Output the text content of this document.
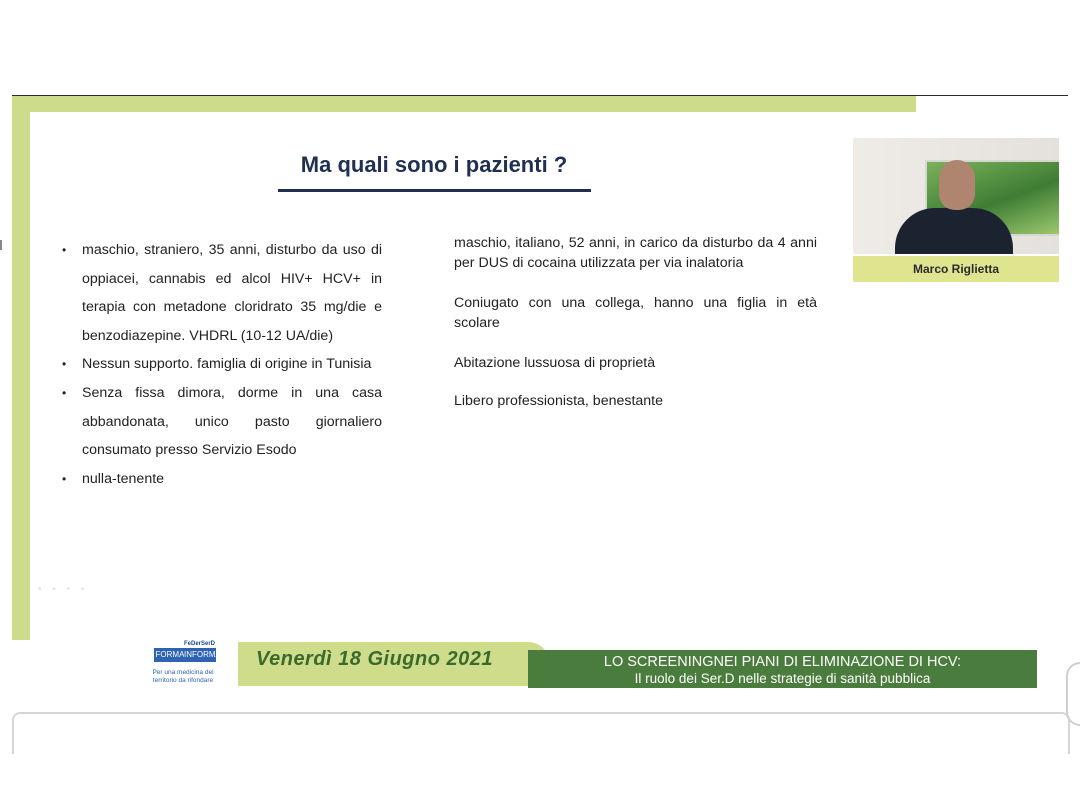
Ma quali sono i pazienti ?
• maschio, straniero, 35 anni, disturbo da uso di oppiacei, cannabis ed alcol HIV+ HCV+ in terapia con metadone cloridrato 35 mg/die e benzodiazepine. VHDRL (10-12 UA/die)
• Nessun supporto. famiglia di origine in Tunisia
• Senza fissa dimora, dorme in una casa abbandonata, unico pasto giornaliero consumato presso Servizio Esodo
• nulla-tenente

maschio, italiano, 52 anni, in carico da disturbo da 4 anni per DUS di cocaina utilizzata per via inalatoria

Coniugato con una collega, hanno una figlia in età scolare

Abitazione lussuosa di proprietà

Libero professionista, benestante

Marco Riglietta
• • • •
FeDerSerD
FORMA INFORMA
Per una medicina del territorio da rifondare
Venerdì 18 Giugno 2021	LO SCREENINGNEI PIANI DI ELIMINAZIONE DI HCV:
Il ruolo dei Ser.D nelle strategie di sanità pubblica
